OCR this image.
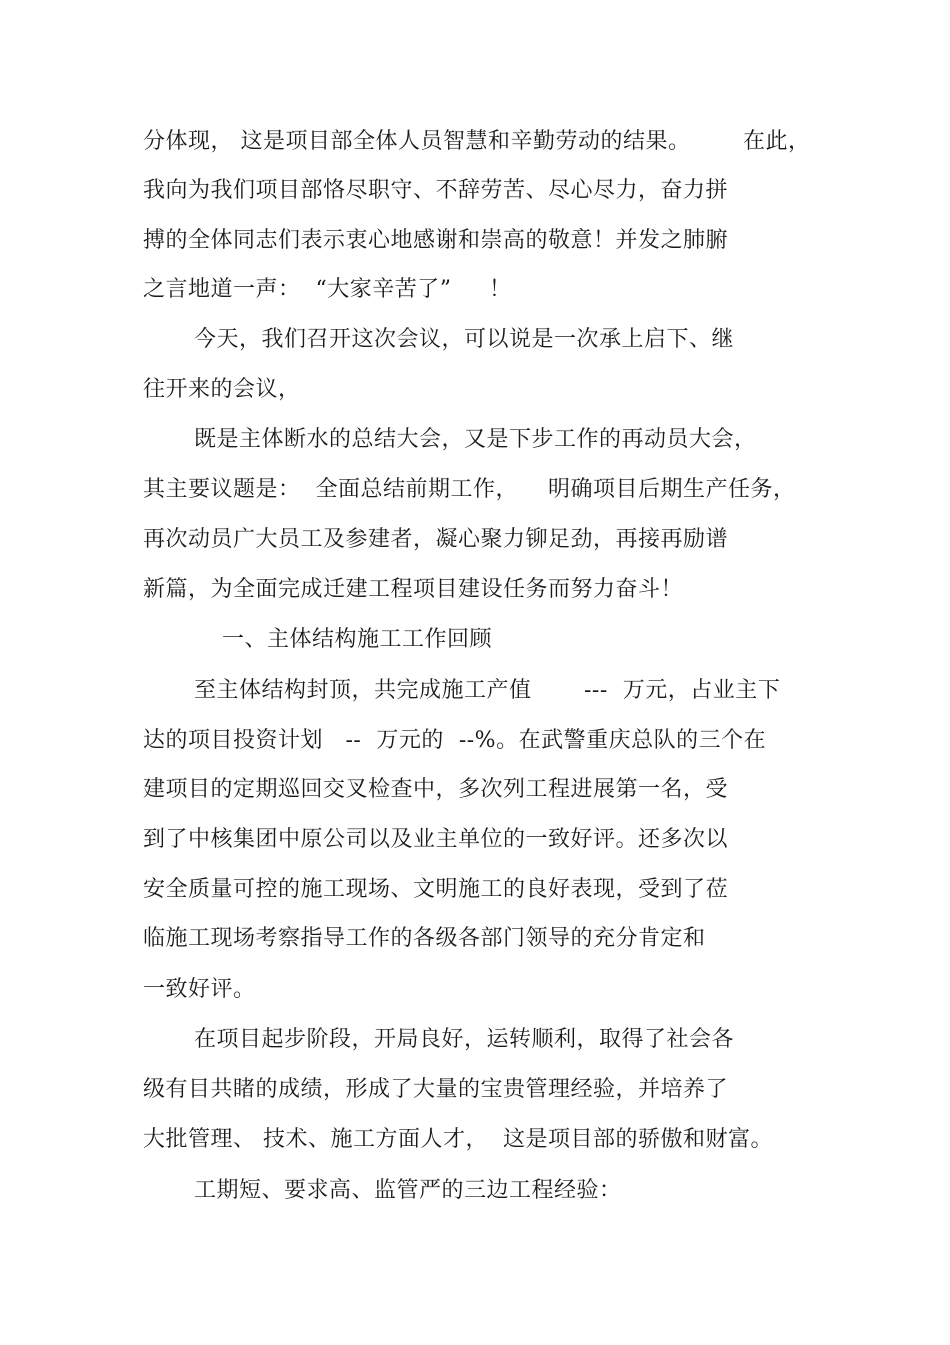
分体现， 这是项目部全体人员智慧和辛勤劳动的结果。       在此，
我向为我们项目部恪尽职守、不辞劳苦、尽心尽力，奋力拼
搏的全体同志们表示衷心地感谢和崇高的敬意！并发之肺腑
之言地道一声：  “大家辛苦了”     ！
今天，我们召开这次会议，可以说是一次承上启下、继
往开来的会议，
既是主体断水的总结大会，又是下步工作的再动员大会，
其主要议题是：  全面总结前期工作，    明确项目后期生产任务，
再次动员广大员工及参建者，凝心聚力铆足劲，再接再励谱
新篇，为全面完成迁建工程项目建设任务而努力奋斗！
一、主体结构施工工作回顾
至主体结构封顶，共完成施工产值       ---  万元，占业主下
达的项目投资计划   --  万元的  --%。在武警重庆总队的三个在
建项目的定期巡回交叉检查中，多次列工程进展第一名，受
到了中核集团中原公司以及业主单位的一致好评。还多次以
安全质量可控的施工现场、文明施工的良好表现，受到了莅
临施工现场考察指导工作的各级各部门领导的充分肯定和
一致好评。
在项目起步阶段，开局良好，运转顺利，取得了社会各
级有目共睹的成绩，形成了大量的宝贵管理经验，并培养了
大批管理、 技术、施工方面人才，  这是项目部的骄傲和财富。
工期短、要求高、监管严的三边工程经验：
